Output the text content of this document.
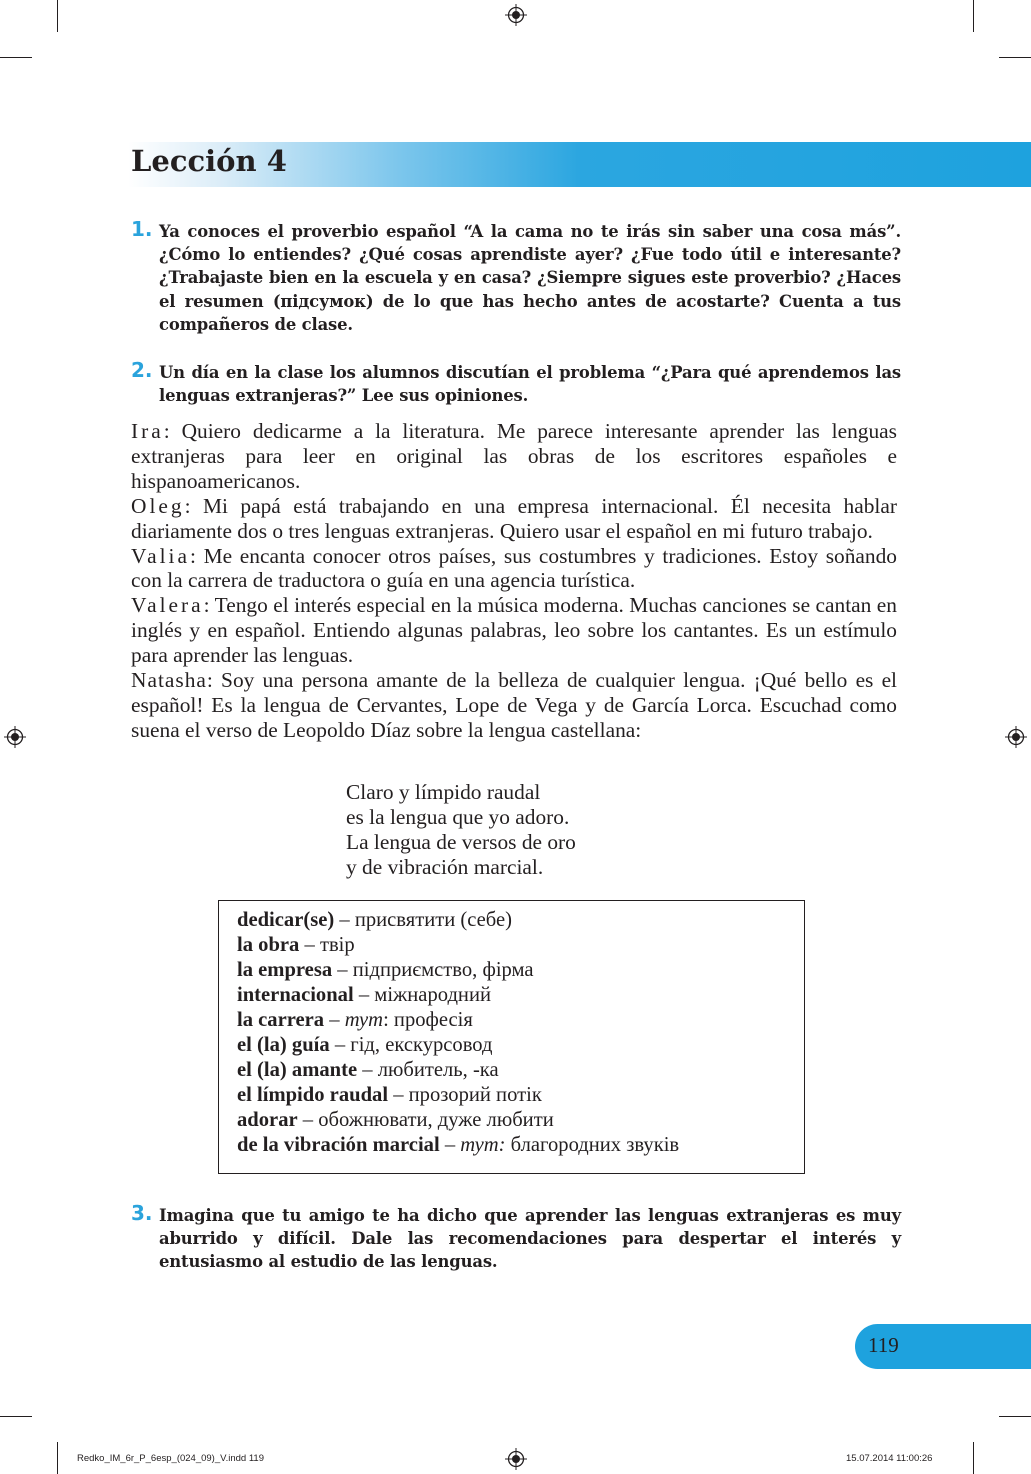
Lección 4
1. Ya conoces el proverbio español “A la cama no te irás sin saber una cosa más”. ¿Cómo lo entiendes? ¿Qué cosas aprendiste ayer? ¿Fue todo útil e interesante? ¿Trabajaste bien en la escuela y en casa? ¿Siempre sigues este proverbio? ¿Haces el resumen (підсумок) de lo que has hecho antes de acostarte? Cuenta a tus compañeros de clase.
2. Un día en la clase los alumnos discutían el problema “¿Para qué aprendemos las lenguas extranjeras?” Lee sus opiniones.

Ira: Quiero dedicarme a la literatura. Me parece interesante aprender las lenguas extranjeras para leer en original las obras de los escritores españoles e hispanoamericanos.

Oleg: Mi papá está trabajando en una empresa internacional. Él necesita hablar diariamente dos o tres lenguas extranjeras. Quiero usar el español en mi futuro trabajo.

Valia: Me encanta conocer otros países, sus costumbres y tradiciones. Estoy soñando con la carrera de traductora o guía en una agencia turística.

Valera: Tengo el interés especial en la música moderna. Muchas canciones se cantan en inglés y en español. Entiendo algunas palabras, leo sobre los cantantes. Es un estímulo para aprender las lenguas.

Natasha: Soy una persona amante de la belleza de cualquier lengua. ¡Qué bello es el español! Es la lengua de Cervantes, Lope de Vega y de García Lorca. Escuchad como suena el verso de Leopoldo Díaz sobre la lengua castellana:

Claro y límpido raudal
es la lengua que yo adoro.
La lengua de versos de oro
y de vibración marcial.
dedicar(se) – присвятити (себе)
la obra – твір
la empresa – підприємство, фірма
internacional – міжнародний
la carrera – тут: професія
el (la) guía – гід, екскурсовод
el (la) amante – любитель, -ка
el límpido raudal – прозорий потік
adorar – обожнювати, дуже любити
de la vibración marcial – тут: благородних звуків
3. Imagina que tu amigo te ha dicho que aprender las lenguas extranjeras es muy aburrido y difícil. Dale las recomendaciones para despertar el interés y entusiasmo al estudio de las lenguas.
119
Redko_IM_6r_P_6esp_(024_09)_V.indd 119	15.07.2014 11:00:26
